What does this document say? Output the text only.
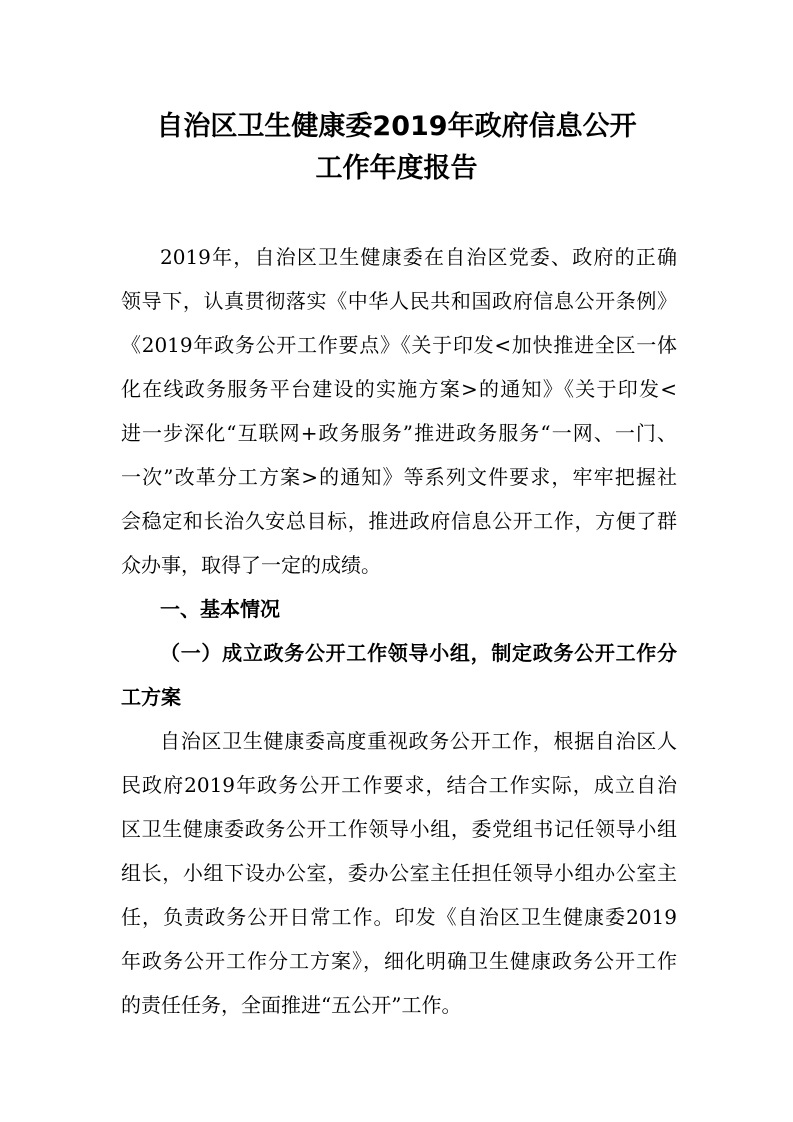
自治区卫生健康委2019年政府信息公开
工作年度报告

2019年，自治区卫生健康委在自治区党委、政府的正确

领导下，认真贯彻落实《中华人民共和国政府信息公开条例》

《2019年政务公开工作要点》《关于印发<加快推进全区一体

化在线政务服务平台建设的实施方案>的通知》《关于印发<

进一步深化“互联网+政务服务”推进政务服务“一网、一门、

一次”改革分工方案>的通知》等系列文件要求，牢牢把握社

会稳定和长治久安总目标，推进政府信息公开工作，方便了群

众办事，取得了一定的成绩。

一、基本情况
（一）成立政务公开工作领导小组，制定政务公开工作分
工方案

自治区卫生健康委高度重视政务公开工作，根据自治区人

民政府2019年政务公开工作要求，结合工作实际，成立自治

区卫生健康委政务公开工作领导小组，委党组书记任领导小组

组长，小组下设办公室，委办公室主任担任领导小组办公室主

任，负责政务公开日常工作。印发《自治区卫生健康委2019

年政务公开工作分工方案》，细化明确卫生健康政务公开工作

的责任任务，全面推进“五公开”工作。
